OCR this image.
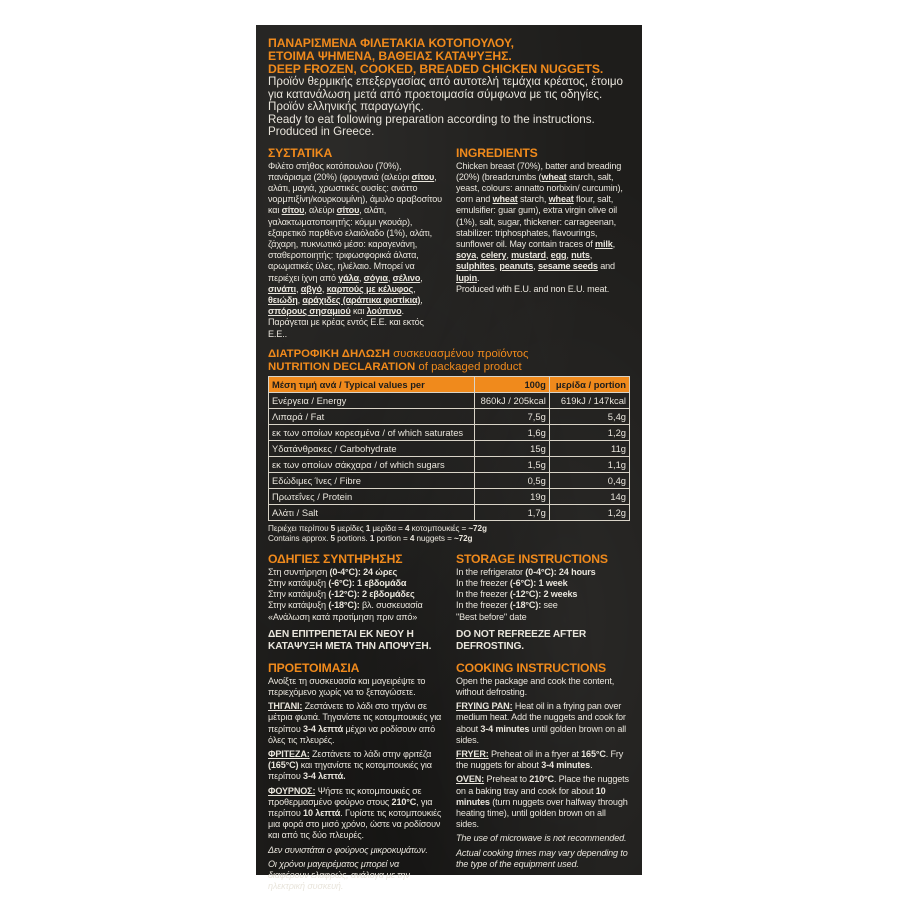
ΠΑΝΑΡΙΣΜΕΝΑ ΦΙΛΕΤΑΚΙΑ ΚΟΤΟΠΟΥΛΟΥ,
ΕΤΟΙΜΑ ΨΗΜΕΝΑ, ΒΑΘΕΙΑΣ ΚΑΤΑΨΥΞΗΣ.
DEEP FROZEN, COOKED, BREADED CHICKEN NUGGETS.

Προϊόν θερμικής επεξεργασίας από αυτοτελή τεμάχια κρέατος, έτοιμο για κατανάλωση μετά από προετοιμασία σύμφωνα με τις οδηγίες.

Προϊόν ελληνικής παραγωγής.

Ready to eat following preparation according to the instructions.

Produced in Greece.

ΣΥΣΤΑΤΙΚΑ

Φιλέτο στήθος κοτόπουλου (70%), πανάρισμα (20%) (φρυγανιά (αλεύρι σίτου, αλάτι, μαγιά, χρωστικές ουσίες: ανάττο νορμπιξίνη/κουρκουμίνη), άμυλο αραβοσίτου και σίτου, αλεύρι σίτου, αλάτι, γαλακτωματοποιητής: κόμμι γκουάρ), εξαιρετικό παρθένο ελαιόλαδο (1%), αλάτι, ζάχαρη, πυκνωτικό μέσο: καραγενάνη, σταθεροποιητής: τριφωσφορικά άλατα, αρωματικές ύλες, ηλιέλαιο. Μπορεί να περιέχει ίχνη από γάλα, σόγια, σέλινο, σινάπι, αβγό, καρπούς με κέλυφος, θειώδη, αράχιδες (αράπικα φιστίκια), σπόρους σησαμιού και λούπινο.

Παράγεται με κρέας εντός Ε.Ε. και εκτός Ε.Ε..

INGREDIENTS

Chicken breast (70%), batter and breading (20%) (breadcrumbs (wheat starch, salt, yeast, colours: annatto norbixin/ curcumin), corn and wheat starch, wheat flour, salt, emulsifier: guar gum), extra virgin olive oil (1%), salt, sugar, thickener: carrageenan, stabilizer: triphosphates, flavourings, sunflower oil. May contain traces of milk, soya, celery, mustard, egg, nuts, sulphites, peanuts, sesame seeds and lupin.

Produced with E.U. and non E.U. meat.

ΔΙΑΤΡΟΦΙΚΗ ΔΗΛΩΣΗ συσκευασμένου προϊόντος
NUTRITION DECLARATION of packaged product
Μέση τιμή ανά / Typical values per	100g	μερίδα / portion
Ενέργεια / Energy	860kJ / 205kcal	619kJ / 147kcal
Λιπαρά / Fat	7,5g	5,4g
εκ των οποίων κορεσμένα / of which saturates	1,6g	1,2g
Υδατάνθρακες / Carbohydrate	15g	11g
εκ των οποίων σάκχαρα / of which sugars	1,5g	1,1g
Εδώδιμες Ίνες / Fibre	0,5g	0,4g
Πρωτεΐνες / Protein	19g	14g
Αλάτι / Salt	1,7g	1,2g

Περιέχει περίπου 5 μερίδες 1 μερίδα = 4 κοτομπουκιές = ~72g

Contains approx. 5 portions. 1 portion = 4 nuggets = ~72g

ΟΔΗΓΙΕΣ ΣΥΝΤΗΡΗΣΗΣ

Στη συντήρηση (0-4°C): 24 ώρες

Στην κατάψυξη (-6°C): 1 εβδομάδα

Στην κατάψυξη (-12°C): 2 εβδομάδες

Στην κατάψυξη (-18°C): βλ. συσκευασία

«Ανάλωση κατά προτίμηση πριν από»

ΔΕΝ ΕΠΙΤΡΕΠΕΤΑΙ ΕΚ ΝΕΟΥ Η ΚΑΤΑΨΥΞΗ ΜΕΤΑ ΤΗΝ ΑΠΟΨΥΞΗ.

STORAGE INSTRUCTIONS

In the refrigerator (0-4°C): 24 hours

In the freezer (-6°C): 1 week

In the freezer (-12°C): 2 weeks

In the freezer (-18°C): see

"Best before" date

DO NOT REFREEZE AFTER DEFROSTING.

ΠΡΟΕΤΟΙΜΑΣΙΑ

Ανοίξτε τη συσκευασία και μαγειρέψτε το περιεχόμενο χωρίς να το ξεπαγώσετε.

ΤΗΓΑΝΙ: Ζεστάνετε το λάδι στο τηγάνι σε μέτρια φωτιά. Τηγανίστε τις κοτομπουκιές για περίπου 3-4 λεπτά μέχρι να ροδίσουν από όλες τις πλευρές.

ΦΡΙΤΕΖΑ: Ζεστάνετε το λάδι στην φριτέζα (165°C) και τηγανίστε τις κοτομπουκιές για περίπου 3-4 λεπτά.

ΦΟΥΡΝΟΣ: Ψήστε τις κοτομπουκιές σε προθερμασμένο φούρνο στους 210°C, για περίπου 10 λεπτά. Γυρίστε τις κοτομπουκιές μια φορά στο μισό χρόνο, ώστε να ροδίσουν και από τις δύο πλευρές.

Δεν συνιστάται ο φούρνος μικροκυμάτων.

Οι χρόνοι μαγειρέματος μπορεί να διαφέρουν ελαφρώς, ανάλογα με την ηλεκτρική συσκευή.

COOKING INSTRUCTIONS

Open the package and cook the content, without defrosting.

FRYING PAN: Heat oil in a frying pan over medium heat. Add the nuggets and cook for about 3-4 minutes until golden brown on all sides.

FRYER: Preheat oil in a fryer at 165°C. Fry the nuggets for about 3-4 minutes.

OVEN: Preheat to 210°C. Place the nuggets on a baking tray and cook for about 10 minutes (turn nuggets over halfway through heating time), until golden brown on all sides.

The use of microwave is not recommended.

Actual cooking times may vary depending to the type of the equipment used.
